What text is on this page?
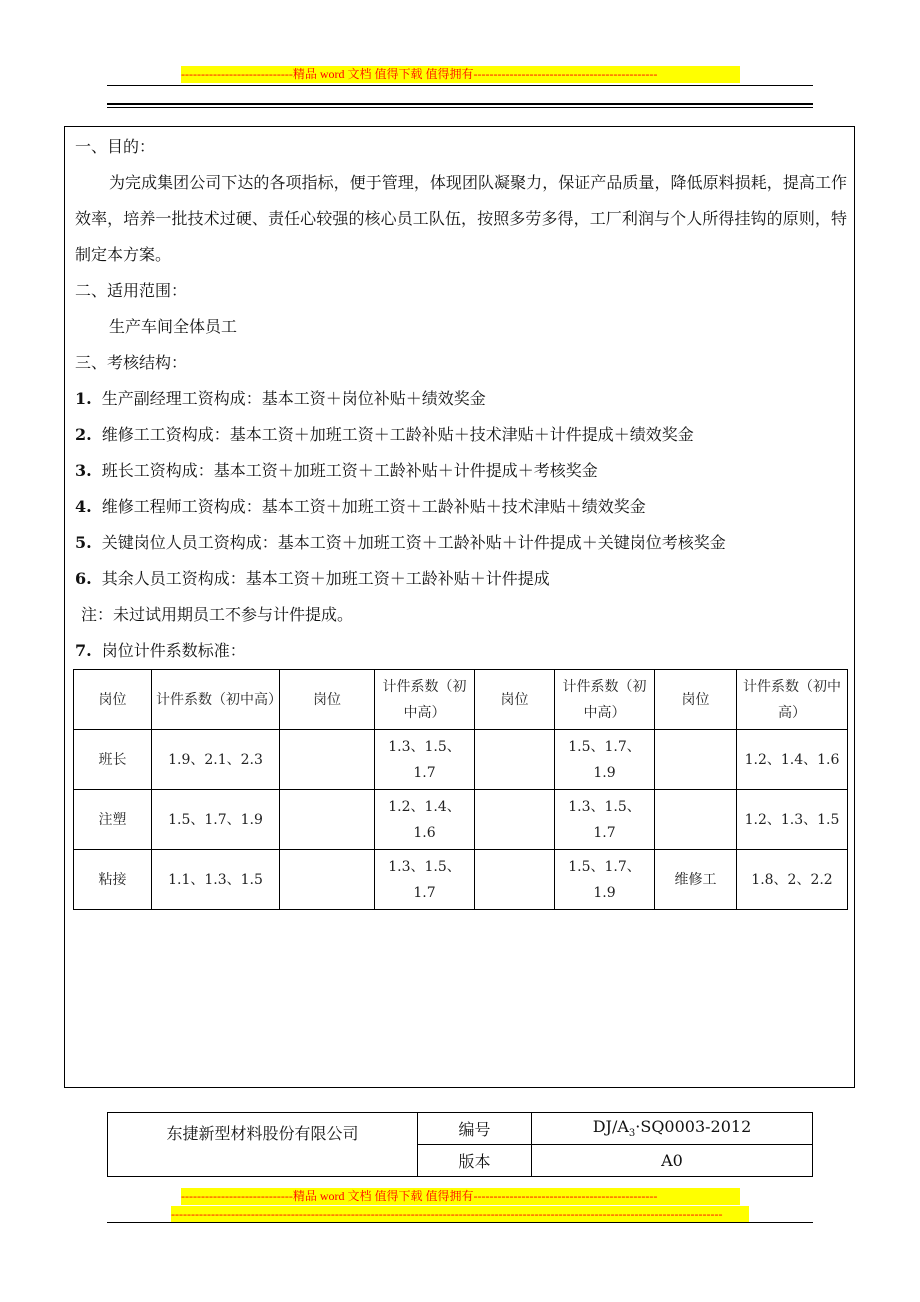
----------------------------精品 word 文档 值得下载 值得拥有----------------------------------------------
一、目的：
为完成集团公司下达的各项指标，便于管理，体现团队凝聚力，保证产品质量，降低原料损耗，提高工作效率，培养一批技术过硬、责任心较强的核心员工队伍，按照多劳多得，工厂利润与个人所得挂钩的原则，特制定本方案。
二、适用范围：
生产车间全体员工
三、考核结构：
1. 生产副经理工资构成：基本工资＋岗位补贴＋绩效奖金
2. 维修工工资构成：基本工资＋加班工资＋工龄补贴＋技术津贴＋计件提成＋绩效奖金
3. 班长工资构成：基本工资＋加班工资＋工龄补贴＋计件提成＋考核奖金
4. 维修工程师工资构成：基本工资＋加班工资＋工龄补贴＋技术津贴＋绩效奖金
5. 关键岗位人员工资构成：基本工资＋加班工资＋工龄补贴＋计件提成＋关键岗位考核奖金
6. 其余人员工资构成：基本工资＋加班工资＋工龄补贴＋计件提成
注：未过试用期员工不参与计件提成。
7. 岗位计件系数标准：
岗位	计件系数（初中高）	岗位	计件系数（初中高）	岗位	计件系数（初中高）	岗位	计件系数（初中高）
班长	1.9、2.1、2.3		1.3、1.5、1.7		1.5、1.7、1.9		1.2、1.4、1.6
注塑	1.5、1.7、1.9		1.2、1.4、1.6		1.3、1.5、1.7		1.2、1.3、1.5
粘接	1.1、1.3、1.5		1.3、1.5、1.7		1.5、1.7、1.9	维修工	1.8、2、2.2
东捷新型材料股份有限公司	编号	$DJ/A_3\cdot SQ0003-2012$
	版本	A0
----------------------------精品 word 文档 值得下载 值得拥有----------------------------------------------
------------------------------------------------------------------------------------------------------------------------------------------
